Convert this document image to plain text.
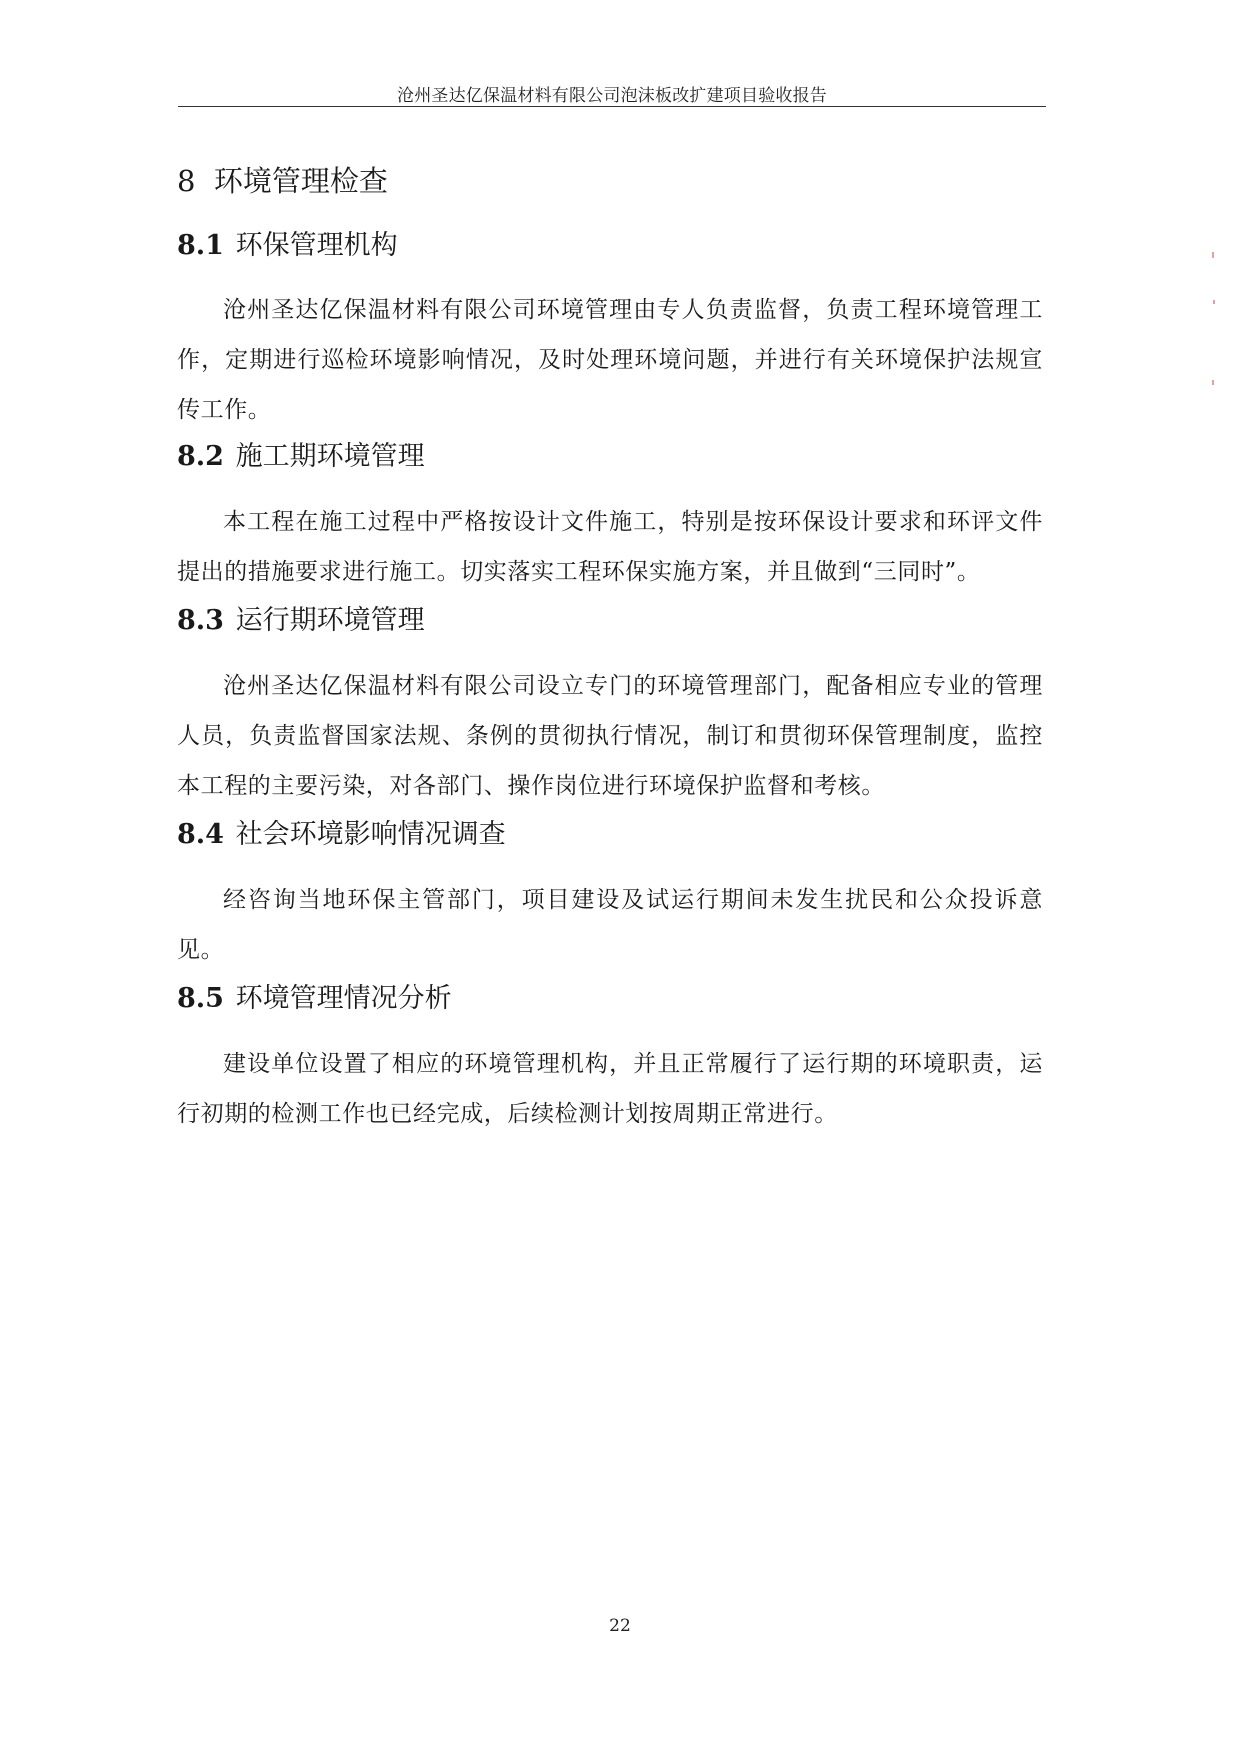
沧州圣达亿保温材料有限公司泡沫板改扩建项目验收报告
8 环境管理检查
8.1 环保管理机构

沧州圣达亿保温材料有限公司环境管理由专人负责监督，负责工程环境管理工作，定期进行巡检环境影响情况，及时处理环境问题，并进行有关环境保护法规宣传工作。

8.2 施工期环境管理

本工程在施工过程中严格按设计文件施工，特别是按环保设计要求和环评文件提出的措施要求进行施工。切实落实工程环保实施方案，并且做到“三同时”。

8.3 运行期环境管理

沧州圣达亿保温材料有限公司设立专门的环境管理部门，配备相应专业的管理人员，负责监督国家法规、条例的贯彻执行情况，制订和贯彻环保管理制度，监控本工程的主要污染，对各部门、操作岗位进行环境保护监督和考核。

8.4 社会环境影响情况调查

经咨询当地环保主管部门，项目建设及试运行期间未发生扰民和公众投诉意见。

8.5 环境管理情况分析

建设单位设置了相应的环境管理机构，并且正常履行了运行期的环境职责，运行初期的检测工作也已经完成，后续检测计划按周期正常进行。

22
